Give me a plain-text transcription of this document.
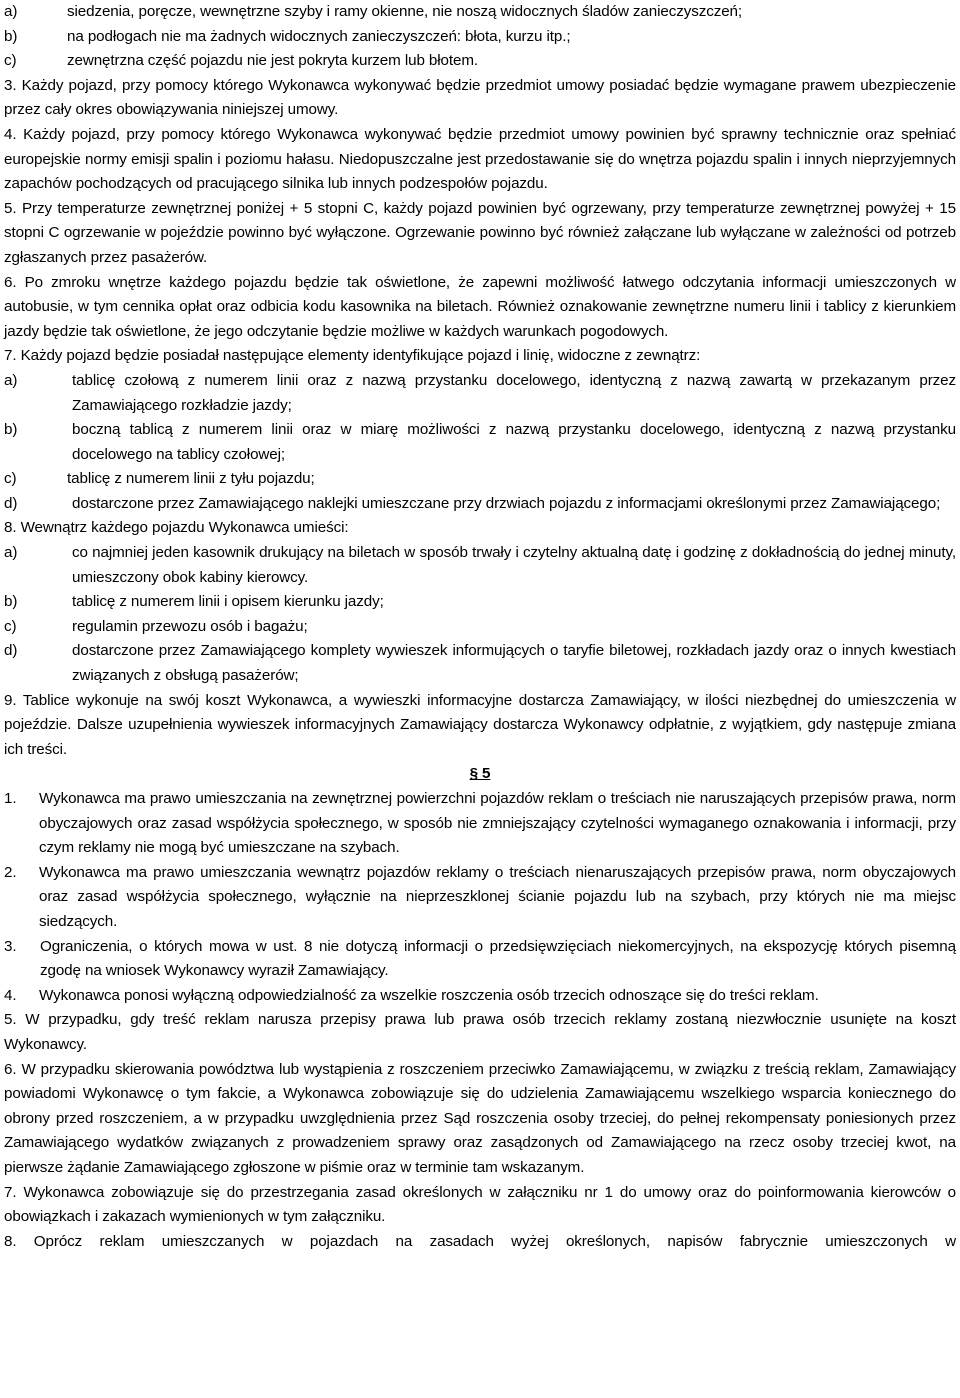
a)	siedzenia, poręcze, wewnętrzne szyby i ramy okienne, nie noszą widocznych śladów zanieczyszczeń;
b)	na podłogach nie ma żadnych widocznych zanieczyszczeń: błota, kurzu itp.;
c)	zewnętrzna część pojazdu nie jest pokryta kurzem lub błotem.

3. Każdy pojazd, przy pomocy którego Wykonawca wykonywać będzie przedmiot umowy posiadać będzie wymagane prawem ubezpieczenie przez cały okres obowiązywania niniejszej umowy.

4. Każdy pojazd, przy pomocy którego Wykonawca wykonywać będzie przedmiot umowy powinien być sprawny technicznie oraz spełniać europejskie normy emisji spalin i poziomu hałasu. Niedopuszczalne jest przedostawanie się do wnętrza pojazdu spalin i innych nieprzyjemnych zapachów pochodzących od pracującego silnika lub innych podzespołów pojazdu.

5. Przy temperaturze zewnętrznej poniżej + 5 stopni C, każdy pojazd powinien być ogrzewany, przy temperaturze zewnętrznej powyżej + 15 stopni C ogrzewanie w pojeździe powinno być wyłączone. Ogrzewanie powinno być również załączane lub wyłączane w zależności od potrzeb zgłaszanych przez pasażerów.

6. Po zmroku wnętrze każdego pojazdu będzie tak oświetlone, że zapewni możliwość łatwego odczytania informacji umieszczonych w autobusie, w tym cennika opłat oraz odbicia kodu kasownika na biletach. Również oznakowanie zewnętrzne numeru linii i tablicy z kierunkiem jazdy będzie tak oświetlone, że jego odczytanie będzie możliwe w każdych warunkach pogodowych.

7. Każdy pojazd będzie posiadał następujące elementy identyfikujące pojazd i linię, widoczne z zewnątrz:

a)	tablicę czołową z numerem linii oraz z nazwą przystanku docelowego, identyczną z nazwą zawartą w przekazanym przez Zamawiającego rozkładzie jazdy;
b)	boczną tablicą z numerem linii oraz w miarę możliwości z nazwą przystanku docelowego, identyczną z nazwą przystanku docelowego na tablicy czołowej;
c)	tablicę z numerem linii z tyłu pojazdu;
d)	dostarczone przez Zamawiającego naklejki umieszczane przy drzwiach pojazdu z informacjami określonymi przez Zamawiającego;

8. Wewnątrz każdego pojazdu Wykonawca umieści:

a)	co najmniej jeden kasownik drukujący na biletach w sposób trwały i czytelny aktualną datę i godzinę z dokładnością do jednej minuty, umieszczony obok kabiny kierowcy.
b)	tablicę z numerem linii i opisem kierunku jazdy;
c)	regulamin przewozu osób i bagażu;
d)	dostarczone przez Zamawiającego komplety wywieszek informujących o taryfie biletowej, rozkładach jazdy oraz o innych kwestiach związanych z obsługą pasażerów;

9. Tablice wykonuje na swój koszt Wykonawca, a wywieszki informacyjne dostarcza Zamawiający, w ilości niezbędnej do umieszczenia w pojeździe. Dalsze uzupełnienia wywieszek informacyjnych Zamawiający dostarcza Wykonawcy odpłatnie, z wyjątkiem, gdy następuje zmiana ich treści.

§ 5

1.	Wykonawca ma prawo umieszczania na zewnętrznej powierzchni pojazdów reklam o treściach nie naruszających przepisów prawa, norm obyczajowych oraz zasad współżycia społecznego, w sposób nie zmniejszający czytelności wymaganego oznakowania i informacji, przy czym reklamy nie mogą być umieszczane na szybach.
2.	Wykonawca ma prawo umieszczania wewnątrz pojazdów reklamy o treściach nienaruszających przepisów prawa, norm obyczajowych oraz zasad współżycia społecznego, wyłącznie na nieprzeszklonej ścianie pojazdu lub na szybach, przy których nie ma miejsc siedzących.
3.	Ograniczenia, o których mowa w ust. 8 nie dotyczą informacji o przedsięwzięciach niekomercyjnych, na ekspozycję których pisemną zgodę na wniosek Wykonawcy wyraził Zamawiający.
4.	Wykonawca ponosi wyłączną odpowiedzialność za wszelkie roszczenia osób trzecich odnoszące się do treści reklam.

5. W przypadku, gdy treść reklam narusza przepisy prawa lub prawa osób trzecich reklamy zostaną niezwłocznie usunięte na koszt Wykonawcy.

6. W przypadku skierowania powództwa lub wystąpienia z roszczeniem przeciwko Zamawiającemu, w związku z treścią reklam, Zamawiający powiadomi Wykonawcę o tym fakcie, a Wykonawca zobowiązuje się do udzielenia Zamawiającemu wszelkiego wsparcia koniecznego do obrony przed roszczeniem, a w przypadku uwzględnienia przez Sąd roszczenia osoby trzeciej, do pełnej rekompensaty poniesionych przez Zamawiającego wydatków związanych z prowadzeniem sprawy oraz zasądzonych od Zamawiającego na rzecz osoby trzeciej kwot, na pierwsze żądanie Zamawiającego zgłoszone w piśmie oraz w terminie tam wskazanym.

7. Wykonawca zobowiązuje się do przestrzegania zasad określonych w załączniku nr 1 do umowy oraz do poinformowania kierowców o obowiązkach i zakazach wymienionych w tym załączniku.

8. Oprócz reklam umieszczanych w pojazdach na zasadach wyżej określonych, napisów fabrycznie umieszczonych w
